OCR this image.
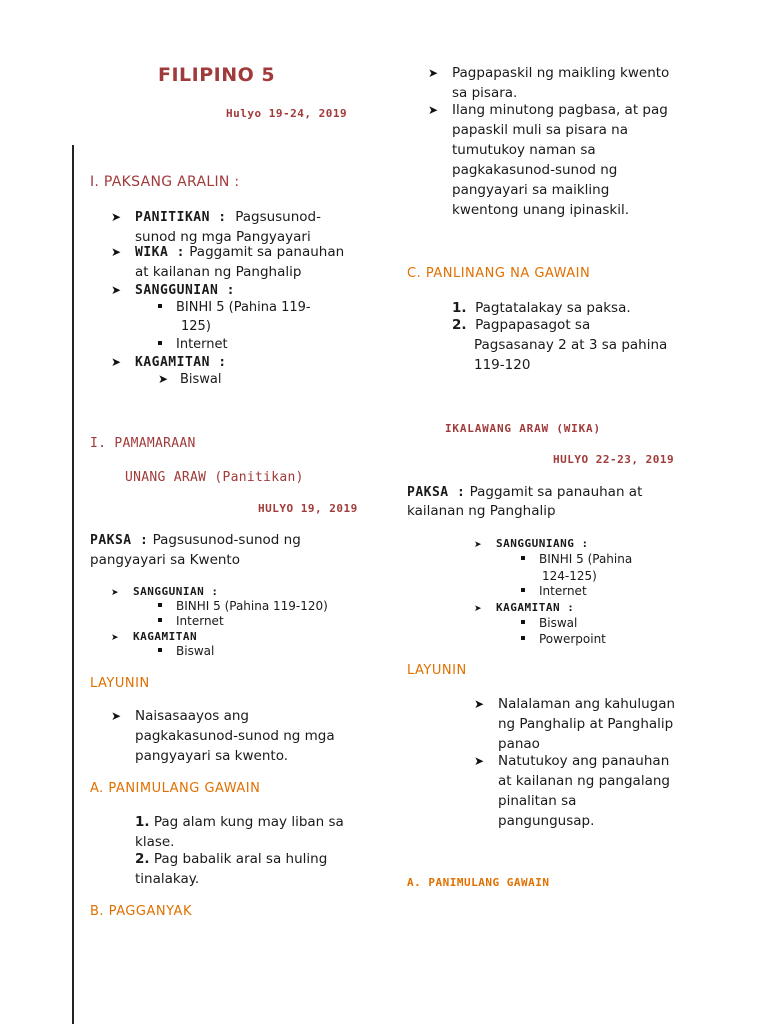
FILIPINO 5
Hulyo 19-24, 2019
I. PAKSANG ARALIN :
➤ PANITIKAN : Pagsusunod-
sunod ng mga Pangyayari
➤ WIKA : Paggamit sa panauhan
at kailanan ng Panghalip
➤ SANGGUNIAN :
BINHI 5 (Pahina 119-
125)
Internet
➤ KAGAMITAN :
➤ Biswal
I. PAMAMARAAN
UNANG ARAW (Panitikan)
HULYO 19, 2019
PAKSA : Pagsusunod-sunod ng
pangyayari sa Kwento
➤ SANGGUNIAN :
BINHI 5 (Pahina 119-120)
Internet
➤ KAGAMITAN
Biswal
LAYUNIN
➤ Naisasaayos ang
pagkakasunod-sunod ng mga
pangyayari sa kwento.
A. PANIMULANG GAWAIN
1. Pag alam kung may liban sa
klase.
2. Pag babalik aral sa huling
tinalakay.
B. PAGGANYAK
➤ Pagpapaskil ng maikling kwento
sa pisara.
➤ Ilang minutong pagbasa, at pag
papaskil muli sa pisara na
tumutukoy naman sa
pagkakasunod-sunod ng
pangyayari sa maikling
kwentong unang ipinaskil.
C. PANLINANG NA GAWAIN
1. Pagtatalakay sa paksa.
2. Pagpapasagot sa
Pagsasanay 2 at 3 sa pahina
119-120
IKALAWANG ARAW (WIKA)
HULYO 22-23, 2019
PAKSA : Paggamit sa panauhan at
kailanan ng Panghalip
➤ SANGGUNIANG :
BINHI 5 (Pahina
124-125)
Internet
➤ KAGAMITAN :
Biswal
Powerpoint
LAYUNIN
➤ Nalalaman ang kahulugan
ng Panghalip at Panghalip
panao
➤ Natutukoy ang panauhan
at kailanan ng pangalang
pinalitan sa
pangungusap.
A. PANIMULANG GAWAIN
